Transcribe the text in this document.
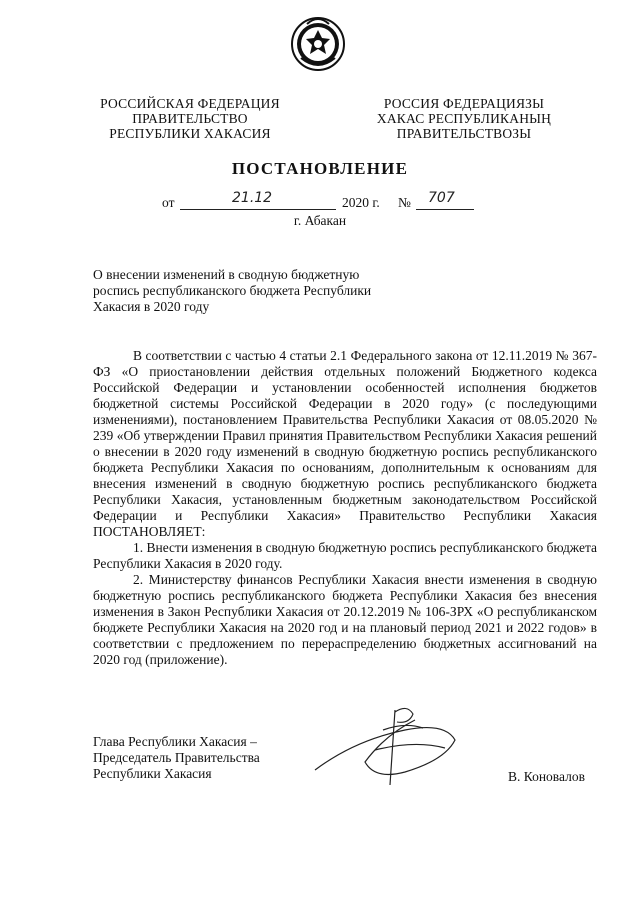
РОССИЙСКАЯ ФЕДЕРАЦИЯ
ПРАВИТЕЛЬСТВО
РЕСПУБЛИКИ ХАКАСИЯ
РОССИЯ ФЕДЕРАЦИЯЗЫ
ХАКАС РЕСПУБЛИКАНЫҢ
ПРАВИТЕЛЬСТВОЗЫ
ПОСТАНОВЛЕНИЕ
от	21.12	2020 г. № 707
г. Абакан
О внесении изменений в сводную бюджетную роспись республиканского бюджета Республики Хакасия в 2020 году

В соответствии с частью 4 статьи 2.1 Федерального закона от 12.11.2019 № 367-ФЗ «О приостановлении действия отдельных положений Бюджетного кодекса Российской Федерации и установлении особенностей исполнения бюджетов бюджетной системы Российской Федерации в 2020 году» (с последующими изменениями), постановлением Правительства Республики Хакасия от 08.05.2020 № 239 «Об утверждении Правил принятия Правительством Республики Хакасия решений о внесении в 2020 году изменений в сводную бюджетную роспись республиканского бюджета Республики Хакасия по основаниям, дополнительным к основаниям для внесения изменений в сводную бюджетную роспись республиканского бюджета Республики Хакасия, установленным бюджетным законодательством Российской Федерации и Республики Хакасия» Правительство Республики Хакасия ПОСТАНОВЛЯЕТ:

1. Внести изменения в сводную бюджетную роспись республиканского бюджета Республики Хакасия в 2020 году.

2. Министерству финансов Республики Хакасия внести изменения в сводную бюджетную роспись республиканского бюджета Республики Хакасия без внесения изменения в Закон Республики Хакасия от 20.12.2019 № 106-ЗРХ «О республиканском бюджете Республики Хакасия на 2020 год и на плановый период 2021 и 2022 годов» в соответствии с предложением по перераспределению бюджетных ассигнований на 2020 год (приложение).

Глава Республики Хакасия –
Председатель Правительства
Республики Хакасия	В. Коновалов
